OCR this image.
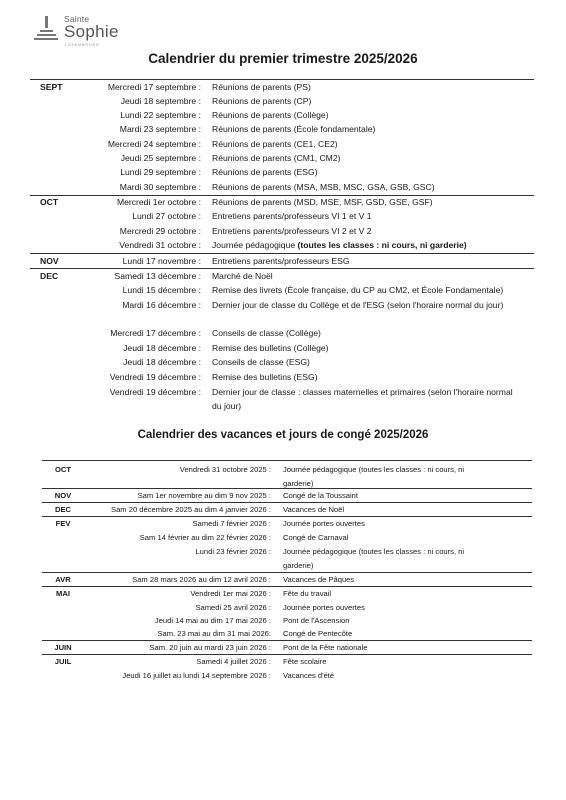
Sainte
Sophie
LUXEMBOURG
Calendrier du premier trimestre 2025/2026
SEPT	Mercredi 17 septembre : Réunions de parents (PS)
Jeudi 18 septembre : Réunions de parents (CP)
Lundi 22 septembre : Réunions de parents (Collège)
Mardi 23 septembre : Réunions de parents (École fondamentale)
Mercredi 24 septembre : Réunions de parents (CE1, CE2)
Jeudi 25 septembre : Réunions de parents (CM1, CM2)
Lundi 29 septembre : Réunions de parents (ESG)
Mardi 30 septembre : Réunions de parents (MSA, MSB, MSC, GSA, GSB, GSC)
OCT	Mercredi 1er octobre : Réunions de parents (MSD, MSE, MSF, GSD, GSE, GSF)
Lundi 27 octobre : Entretiens parents/professeurs VI 1 et V 1
Mercredi 29 octobre : Entretiens parents/professeurs VI 2 et V 2
Vendredi 31 octobre : Journée pédagogique (toutes les classes : ni cours, ni garderie)
NOV	Lundi 17 novembre : Entretiens parents/professeurs ESG
DEC	Samedi 13 décembre : Marché de Noël
Lundi 15 décembre : Remise des livrets (École française, du CP au CM2, et École Fondamentale)
Mardi 16 décembre : Dernier jour de classe du Collège et de l'ESG (selon l'horaire normal du jour)
Mercredi 17 décembre : Conseils de classe (Collège)
Jeudi 18 décembre : Remise des bulletins (Collège)
Jeudi 18 décembre : Conseils de classe (ESG)
Vendredi 19 décembre : Remise des bulletins (ESG)
Vendredi 19 décembre : Dernier jour de classe : classes maternelles et primaires (selon l'horaire normal du jour)
Calendrier des vacances et jours de congé 2025/2026
OCT	Vendredi 31 octobre 2025 : Journée pédagogique (toutes les classes : ni cours, ni garderie)
NOV	Sam 1er novembre au dim 9 nov 2025 : Congé de la Toussaint
DEC	Sam 20 décembre 2025 au dim 4 janvier 2026 : Vacances de Noël
FEV	Samedi 7 février 2026 : Journée portes ouvertes
Sam 14 février au dim 22 février 2026 : Congé de Carnaval
Lundi 23 février 2026 : Journée pédagogique (toutes les classes : ni cours, ni garderie)
AVR	Sam 28 mars 2026 au dim 12 avril 2026 : Vacances de Pâques
MAI	Vendredi 1er mai 2026 : Fête du travail
Samedi 25 avril 2026 : Journée portes ouvertes
Jeudi 14 mai au dim 17 mai 2026 : Pont de l'Ascension
Sam. 23 mai au dim 31 mai 2026: Congé de Pentecôte
JUIN	Sam. 20 juin au mardi 23 juin 2026 : Pont de la Fête nationale
JUIL	Samedi 4 juillet 2026 : Fête scolaire
Jeudi 16 juillet au lundi 14 septembre 2026 : Vacances d'été
